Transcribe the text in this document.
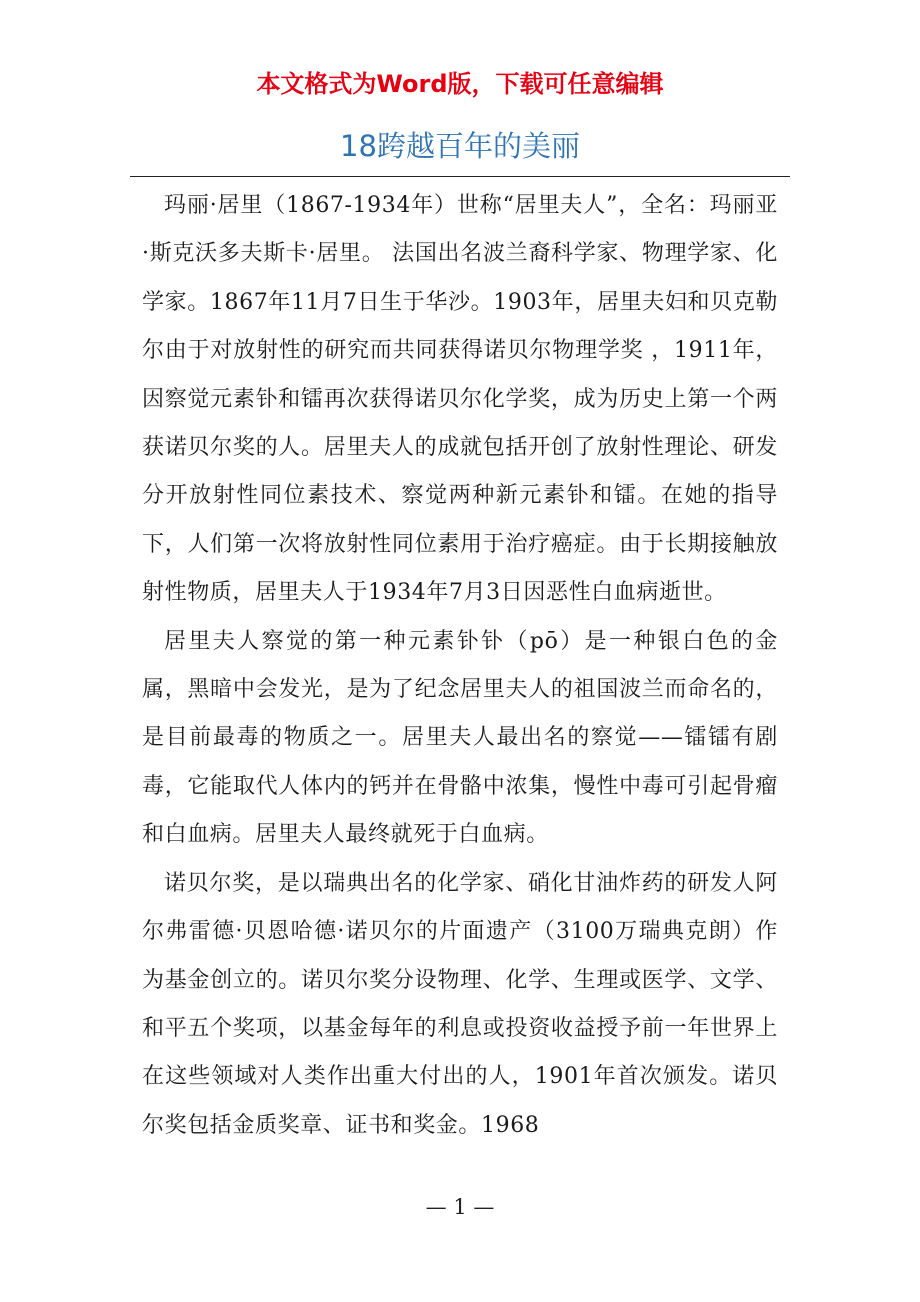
本文格式为Word版，下载可任意编辑

18跨越百年的美丽

玛丽·居里（1867-1934年）世称“居里夫人”，全名：玛丽亚·斯克沃多夫斯卡·居里。 法国出名波兰裔科学家、物理学家、化学家。1867年11月7日生于华沙。1903年，居里夫妇和贝克勒尔由于对放射性的研究而共同获得诺贝尔物理学奖 ，1911年，因察觉元素钋和镭再次获得诺贝尔化学奖，成为历史上第一个两获诺贝尔奖的人。居里夫人的成就包括开创了放射性理论、研发分开放射性同位素技术、察觉两种新元素钋和镭。在她的指导下，人们第一次将放射性同位素用于治疗癌症。由于长期接触放射性物质，居里夫人于1934年7月3日因恶性白血病逝世。

居里夫人察觉的第一种元素钋钋（pō）是一种银白色的金属，黑暗中会发光，是为了纪念居里夫人的祖国波兰而命名的，是目前最毒的物质之一。居里夫人最出名的察觉——镭镭有剧毒，它能取代人体内的钙并在骨骼中浓集，慢性中毒可引起骨瘤和白血病。居里夫人最终就死于白血病。

诺贝尔奖，是以瑞典出名的化学家、硝化甘油炸药的研发人阿尔弗雷德·贝恩哈德·诺贝尔的片面遗产（3100万瑞典克朗）作为基金创立的。诺贝尔奖分设物理、化学、生理或医学、文学、和平五个奖项，以基金每年的利息或投资收益授予前一年世界上在这些领域对人类作出重大付出的人，1901年首次颁发。诺贝尔奖包括金质奖章、证书和奖金。1968

— 1 —
